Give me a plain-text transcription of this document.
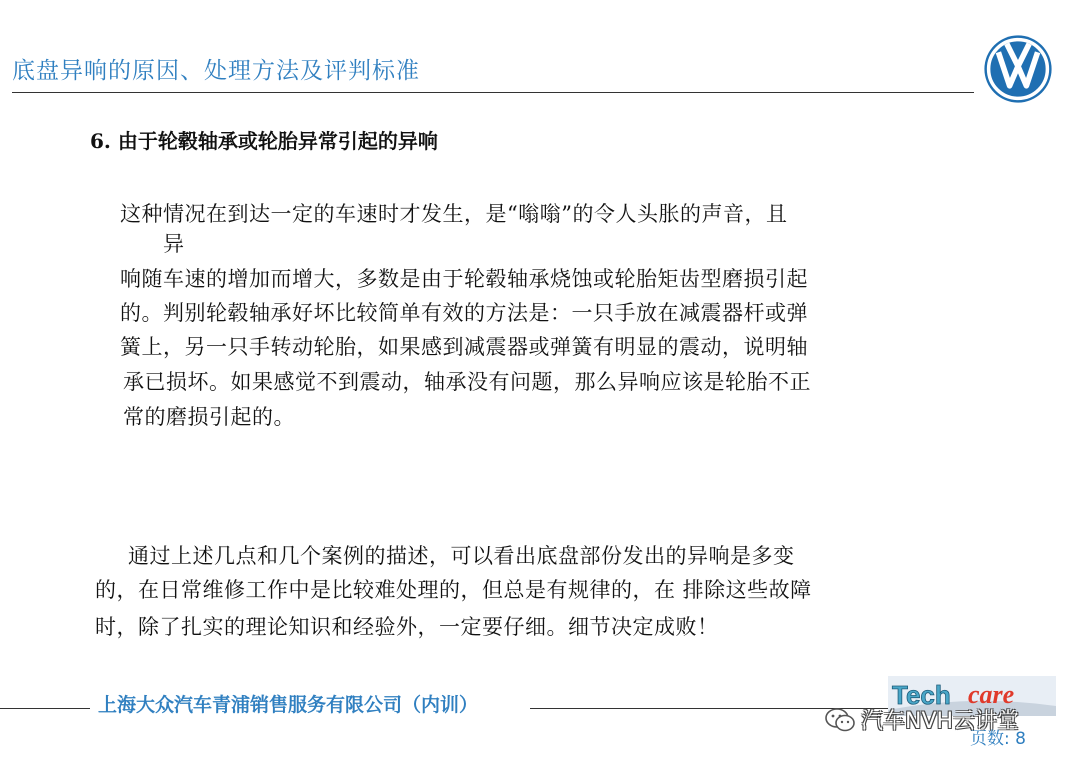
底盘异响的原因、处理方法及评判标准
6. 由于轮毂轴承或轮胎异常引起的异响
这种情况在到达一定的车速时才发生，是“嗡嗡”的令人头胀的声音，且
异
响随车速的增加而增大，多数是由于轮毂轴承烧蚀或轮胎矩齿型磨损引起
的。判别轮毂轴承好坏比较简单有效的方法是：一只手放在减震器杆或弹
簧上，另一只手转动轮胎，如果感到减震器或弹簧有明显的震动，说明轴
承已损坏。如果感觉不到震动，轴承没有问题，那么异响应该是轮胎不正
常的磨损引起的。
通过上述几点和几个案例的描述，可以看出底盘部份发出的异响是多变
的，在日常维修工作中是比较难处理的，但总是有规律的，在 排除这些故障
时，除了扎实的理论知识和经验外，一定要仔细。细节决定成败！
上海大众汽车青浦销售服务有限公司（内训）	Tech care
汽车NVH云讲堂
页数: 8
